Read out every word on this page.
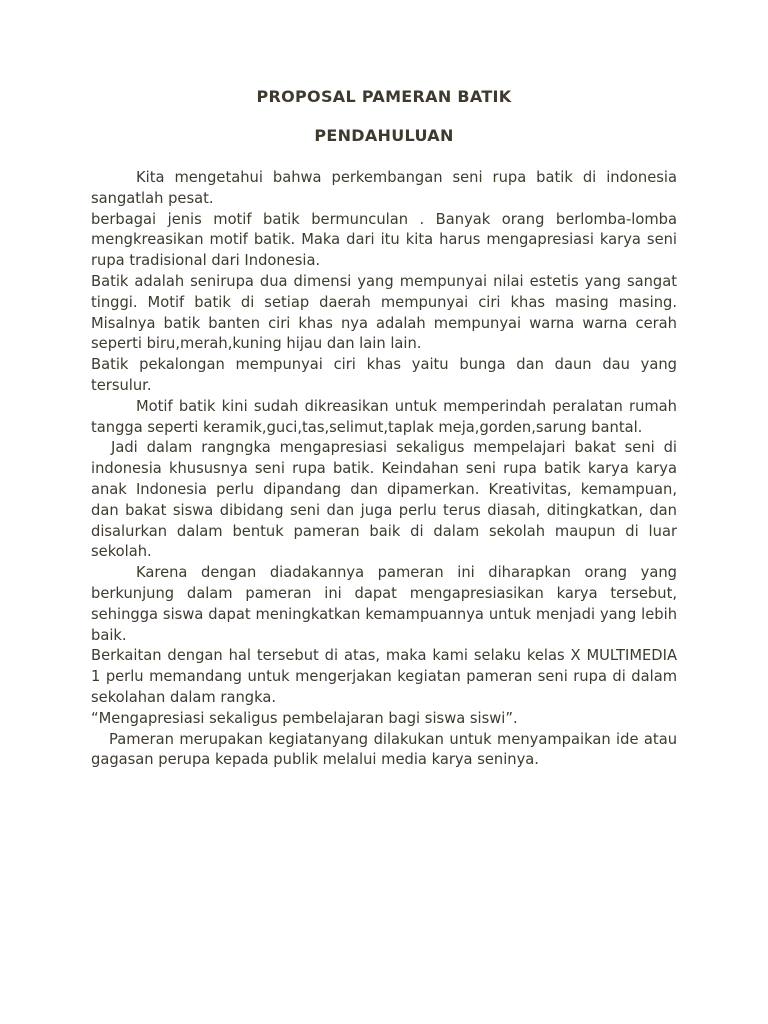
PROPOSAL PAMERAN BATIK
PENDAHULUAN

Kita mengetahui bahwa perkembangan seni rupa batik di indonesia sangatlah pesat.

berbagai jenis motif batik bermunculan . Banyak orang berlomba-lomba mengkreasikan motif batik. Maka dari itu kita harus mengapresiasi karya seni rupa tradisional dari Indonesia.

Batik adalah senirupa dua dimensi yang mempunyai nilai estetis yang sangat tinggi. Motif batik di setiap daerah mempunyai ciri khas masing masing. Misalnya batik banten ciri khas nya adalah mempunyai warna warna cerah seperti biru,merah,kuning hijau dan lain lain.

Batik pekalongan mempunyai ciri khas yaitu bunga dan daun dau yang tersulur.

Motif batik kini sudah dikreasikan untuk memperindah peralatan rumah tangga seperti keramik,guci,tas,selimut,taplak meja,gorden,sarung bantal.

Jadi dalam rangngka mengapresiasi sekaligus mempelajari bakat seni di indonesia khususnya seni rupa batik. Keindahan seni rupa batik karya karya anak Indonesia perlu dipandang dan dipamerkan. Kreativitas, kemampuan, dan bakat siswa dibidang seni dan juga perlu terus diasah, ditingkatkan, dan disalurkan dalam bentuk pameran baik di dalam sekolah maupun di luar sekolah.

Karena dengan diadakannya pameran ini diharapkan orang yang berkunjung dalam pameran ini dapat mengapresiasikan karya tersebut, sehingga siswa dapat meningkatkan kemampuannya untuk menjadi yang lebih baik.

Berkaitan dengan hal tersebut di atas, maka kami selaku kelas X MULTIMEDIA 1 perlu memandang untuk mengerjakan kegiatan pameran seni rupa di dalam sekolahan dalam rangka.

“Mengapresiasi sekaligus pembelajaran bagi siswa siswi”.

Pameran merupakan kegiatanyang dilakukan untuk menyampaikan ide atau gagasan perupa kepada publik melalui media karya seninya.
